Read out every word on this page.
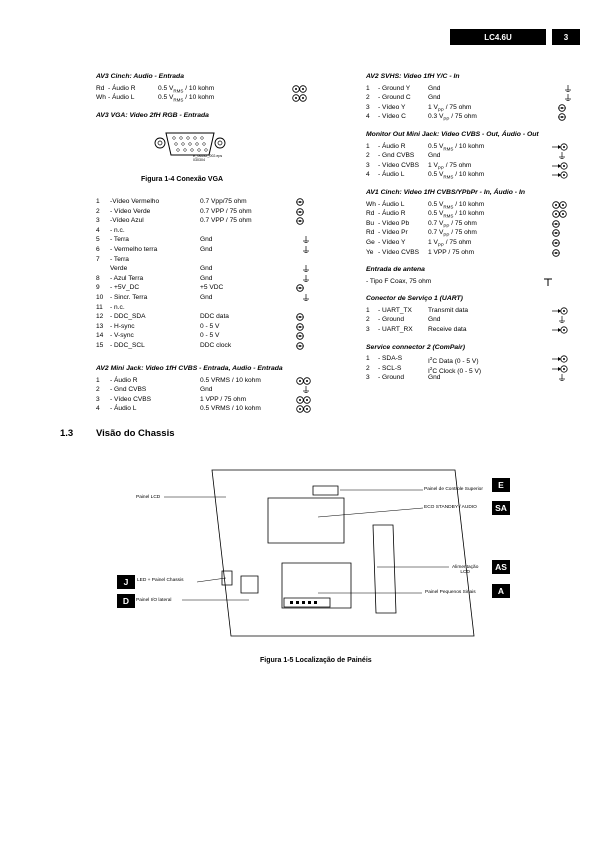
LC4.6U	3
AV3 Cinch: Audio - Entrada
Rd - Áudio R	0.5 $V_{RMS} / 10$ kohm
Wh - Áudio L	0.5 $V_{RMS} / 10$ kohm
AV3 VGA: Video 2fH RGB - Entrada
E_06532_002.eps
030304
Figura 1-4 Conexão VGA
1 -Vídeo Vermelho	0.7 Vpp/75 ohm
2 - Vídeo Verde	0.7 VPP / 75 ohm
3 -Vídeo Azul	0.7 VPP / 75 ohm
4 - n.c.
5 - Terra	Gnd
6 - Vermelho terra	Gnd
7 - Terra
Verde	Gnd
8 - Azul Terra	Gnd
9 - +5V_DC	+5 VDC
10 - Sincr. Terra	Gnd
11 - n.c.
12 - DDC_SDA	DDC data
13 - H-sync	0 - 5 V
14 - V-sync	0 - 5 V
15 - DDC_SCL	DDC clock
AV2 Mini Jack: Video 1fH CVBS - Entrada, Audio - Entrada
1 - Áudio R	0.5 VRMS / 10 kohm
2 - Gnd CVBS	Gnd
3 - Vídeo CVBS	1 VPP / 75 ohm
4 - Áudio L	0.5 VRMS / 10 kohm
AV2 SVHS: Video 1fH Y/C - In
1 - Ground Y	Gnd
2 - Ground C	Gnd
3 - Vídeo Y	1 $V_{PP} / 75$ ohm
4 - Vídeo C	0.3 $V_{PP} / 75$ ohm
Monitor Out Mini Jack: Video CVBS - Out, Áudio - Out
1 - Áudio R	0.5 $V_{RMS} / 10$ kohm
2 - Gnd CVBS Gnd
3 - Vídeo CVBS 1 $V_{PP} / 75$ ohm
4 - Áudio L	0.5 $V_{RMS} / 10$ kohm
AV1 Cinch: Video 1fH CVBS/YPbPr - In, Áudio - In
Wh - Áudio L	0.5 $V_{RMS} / 10$ kohm
Rd - Áudio R	0.5 $V_{RMS} / 10$ kohm
Bu - Vídeo Pb	0.7 $V_{PP} / 75$ ohm
Rd - Vídeo Pr	0.7 $V_{PP} / 75$ ohm
Ge - Vídeo Y	1 $V_{PP} / 75$ ohm
Ye - Vídeo CVBS 1 VPP / 75 ohm
Entrada de antena
- Tipo F Coax, 75 ohm
Conector de Serviço 1 (UART)
1 - UART_TX Transmit data
2 - Ground	Gnd
3 - UART_RX Receive data
Service connector 2 (ComPair)
1 - SDA-S	$I^2C$ Data (0 - 5 V)
2 - SCL-S	$I^2C$ Clock (0 - 5 V)
3 - Ground	Gnd
1.3 Visão do Chassis
Painel LCD
Painel de Controle Superior
ECO STANDBY / AUDIO
Alimentação
LCD
Painel Pequenos Sinais
LED + Painel Chassis
Painel I/O lateral
E
SA
AS
A
J
D
Figura 1-5 Localização de Painéis
